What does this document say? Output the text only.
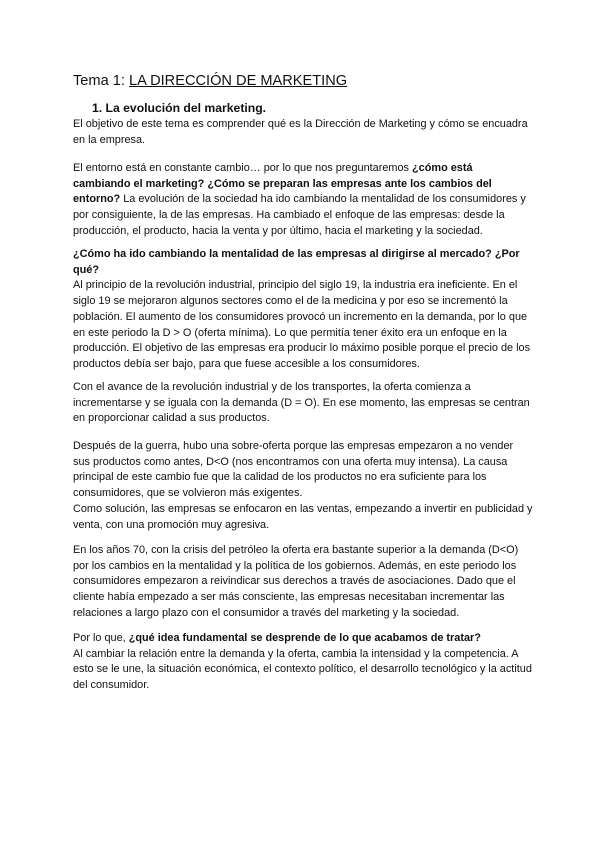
Tema 1: LA DIRECCIÓN DE MARKETING
1. La evolución del marketing.
El objetivo de este tema es comprender qué es la Dirección de Marketing y cómo se encuadra en la empresa.
El entorno está en constante cambio… por lo que nos preguntaremos ¿cómo está cambiando el marketing? ¿Cómo se preparan las empresas ante los cambios del entorno? La evolución de la sociedad ha ido cambiando la mentalidad de los consumidores y por consiguiente, la de las empresas. Ha cambiado el enfoque de las empresas: desde la producción, el producto, hacia la venta y por último, hacia el marketing y la sociedad.
¿Cómo ha ido cambiando la mentalidad de las empresas al dirigirse al mercado? ¿Por qué?
Al principio de la revolución industrial, principio del siglo 19, la industria era ineficiente. En el siglo 19 se mejoraron algunos sectores como el de la medicina y por eso se incrementó la población. El aumento de los consumidores provocó un incremento en la demanda, por lo que en este periodo la D > O (oferta mínima). Lo que permitía tener éxito era un enfoque en la producción. El objetivo de las empresas era producir lo máximo posible porque el precio de los productos debía ser bajo, para que fuese accesible a los consumidores.
Con el avance de la revolución industrial y de los transportes, la oferta comienza a incrementarse y se iguala con la demanda (D = O). En ese momento, las empresas se centran en proporcionar calidad a sus productos.
Después de la guerra, hubo una sobre-oferta porque las empresas empezaron a no vender sus productos como antes, D<O (nos encontramos con una oferta muy intensa). La causa principal de este cambio fue que la calidad de los productos no era suficiente para los consumidores, que se volvieron más exigentes.
Como solución, las empresas se enfocaron en las ventas, empezando a invertir en publicidad y venta, con una promoción muy agresiva.
En los años 70, con la crisis del petróleo la oferta era bastante superior a la demanda (D<O) por los cambios en la mentalidad y la política de los gobiernos. Además, en este periodo los consumidores empezaron a reivindicar sus derechos a través de asociaciones. Dado que el cliente había empezado a ser más consciente, las empresas necesitaban incrementar las relaciones a largo plazo con el consumidor a través del marketing y la sociedad.
Por lo que, ¿qué idea fundamental se desprende de lo que acabamos de tratar?
Al cambiar la relación entre la demanda y la oferta, cambia la intensidad y la competencia. A esto se le une, la situación económica, el contexto político, el desarrollo tecnológico y la actitud del consumidor.
